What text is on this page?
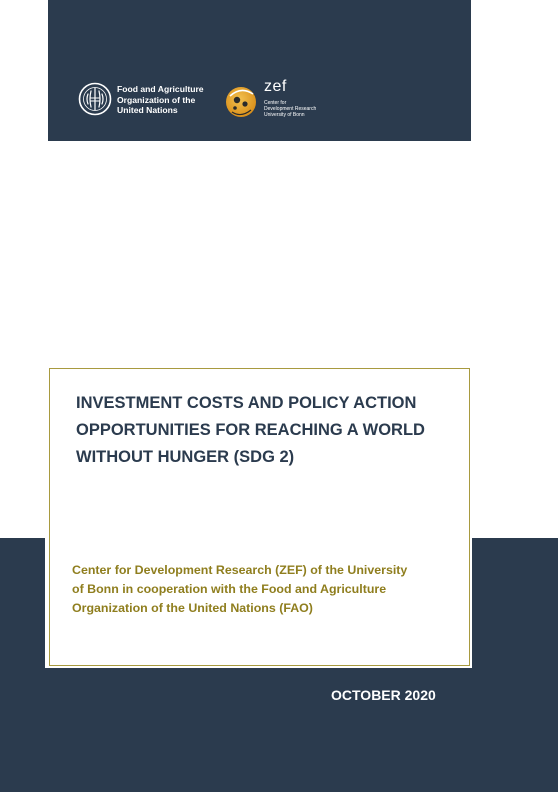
Food and Agriculture
Organization of the
United Nations
zef
Center for
Development Research
University of Bonn
INVESTMENT COSTS AND POLICY ACTION
OPPORTUNITIES FOR REACHING A WORLD
WITHOUT HUNGER (SDG 2)
Center for Development Research (ZEF) of the University
of Bonn in cooperation with the Food and Agriculture
Organization of the United Nations (FAO)
OCTOBER 2020
